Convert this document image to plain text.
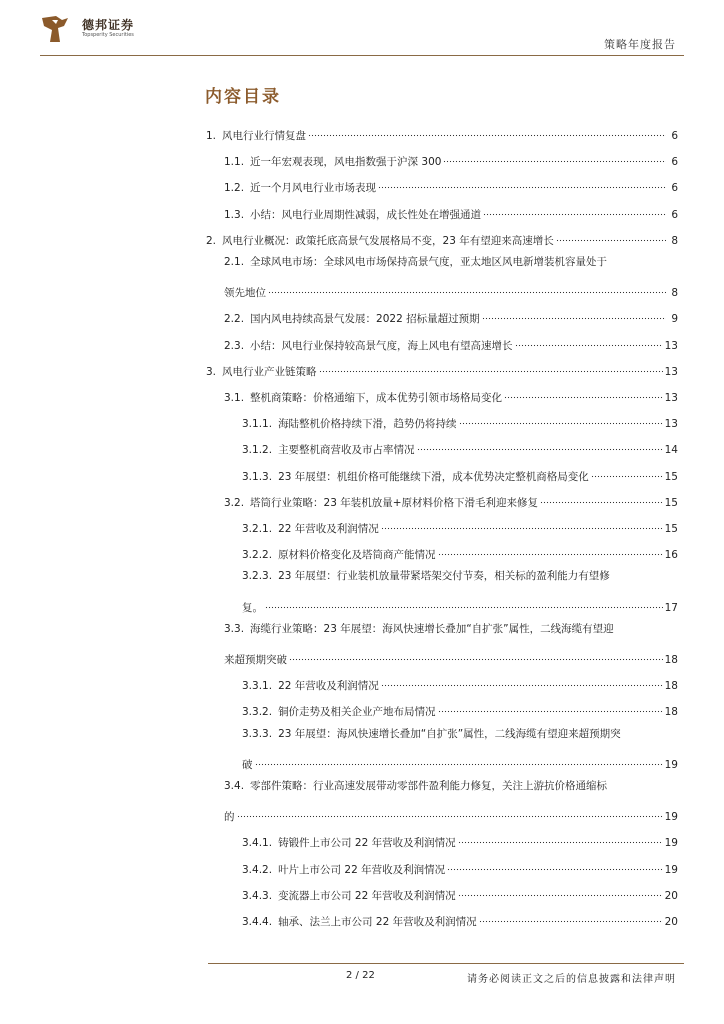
德邦证券
Topsperity Securities
策略年度报告
内容目录
1. 风电行业行情复盘	6
1.1. 近一年宏观表现，风电指数强于沪深 300	6
1.2. 近一个月风电行业市场表现	6
1.3. 小结：风电行业周期性减弱，成长性处在增强通道	6
2. 风电行业概况：政策托底高景气发展格局不变，23 年有望迎来高速增长	8
2.1. 全球风电市场：全球风电市场保持高景气度，亚太地区风电新增装机容量处于
领先地位	8
2.2. 国内风电持续高景气发展：2022 招标量超过预期	9
2.3. 小结：风电行业保持较高景气度，海上风电有望高速增长	13
3. 风电行业产业链策略	13
3.1. 整机商策略：价格通缩下，成本优势引领市场格局变化	13
3.1.1. 海陆整机价格持续下滑，趋势仍将持续	13
3.1.2. 主要整机商营收及市占率情况	14
3.1.3. 23 年展望：机组价格可能继续下滑，成本优势决定整机商格局变化	15
3.2. 塔筒行业策略：23 年装机放量+原材料价格下滑毛利迎来修复	15
3.2.1. 22 年营收及利润情况	15
3.2.2. 原材料价格变化及塔筒商产能情况	16
3.2.3. 23 年展望：行业装机放量带紧塔架交付节奏，相关标的盈利能力有望修
复。	17
3.3. 海缆行业策略：23 年展望：海风快速增长叠加“自扩张”属性，二线海缆有望迎
来超预期突破	18
3.3.1. 22 年营收及利润情况	18
3.3.2. 铜价走势及相关企业产地布局情况	18
3.3.3. 23 年展望：海风快速增长叠加“自扩张”属性，二线海缆有望迎来超预期突
破	19
3.4. 零部件策略：行业高速发展带动零部件盈利能力修复，关注上游抗价格通缩标
的	19
3.4.1. 铸锻件上市公司 22 年营收及利润情况	19
3.4.2. 叶片上市公司 22 年营收及利润情况	19
3.4.3. 变流器上市公司 22 年营收及利润情况	20
3.4.4. 轴承、法兰上市公司 22 年营收及利润情况	20
2 / 22	请务必阅读正文之后的信息披露和法律声明
